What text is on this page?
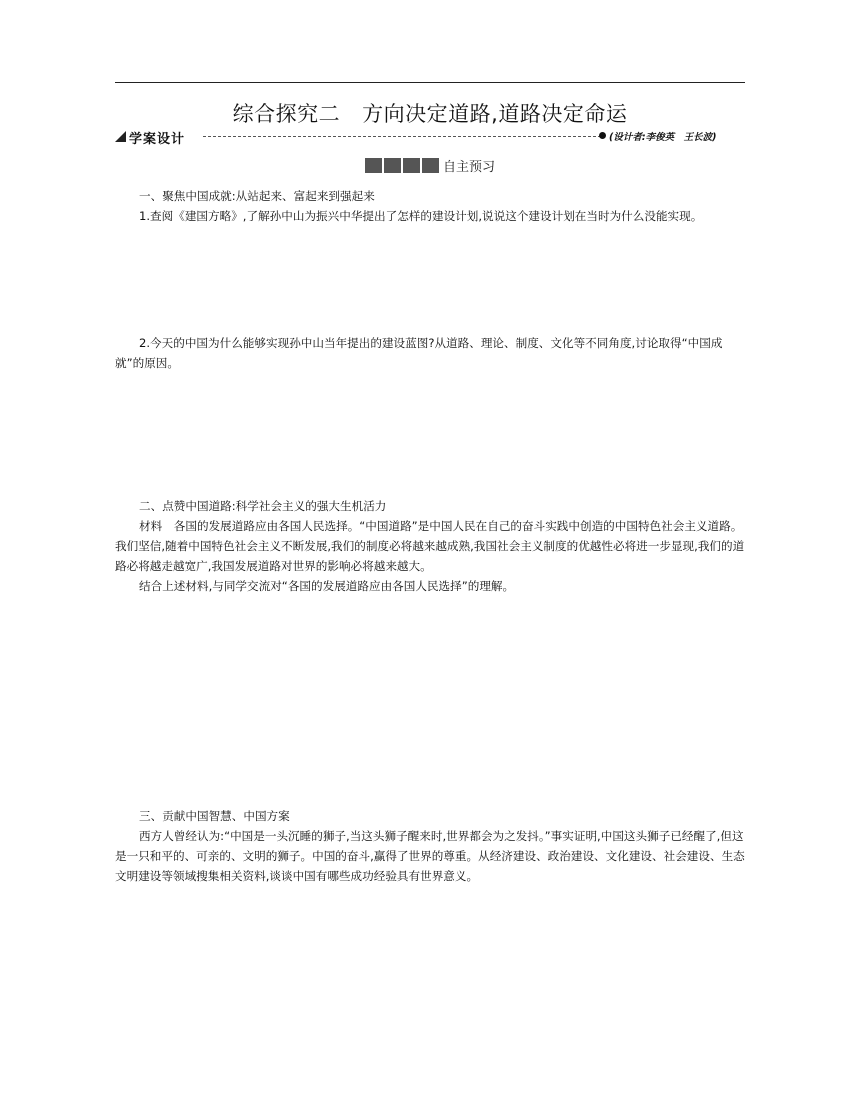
综合探究二 方向决定道路,道路决定命运
学案设计	(设计者:李俊英　王长波)
自主预习

一、聚焦中国成就:从站起来、富起来到强起来

1.查阅《建国方略》,了解孙中山为振兴中华提出了怎样的建设计划,说说这个建设计划在当时为什么没能实现。

2.今天的中国为什么能够实现孙中山当年提出的建设蓝图?从道路、理论、制度、文化等不同角度,讨论取得“中国成就”的原因。

二、点赞中国道路:科学社会主义的强大生机活力

材料　各国的发展道路应由各国人民选择。“中国道路”是中国人民在自己的奋斗实践中创造的中国特色社会主义道路。我们坚信,随着中国特色社会主义不断发展,我们的制度必将越来越成熟,我国社会主义制度的优越性必将进一步显现,我们的道路必将越走越宽广,我国发展道路对世界的影响必将越来越大。

结合上述材料,与同学交流对“各国的发展道路应由各国人民选择”的理解。

三、贡献中国智慧、中国方案

西方人曾经认为:“中国是一头沉睡的狮子,当这头狮子醒来时,世界都会为之发抖。”事实证明,中国这头狮子已经醒了,但这是一只和平的、可亲的、文明的狮子。中国的奋斗,赢得了世界的尊重。从经济建设、政治建设、文化建设、社会建设、生态文明建设等领域搜集相关资料,谈谈中国有哪些成功经验具有世界意义。
